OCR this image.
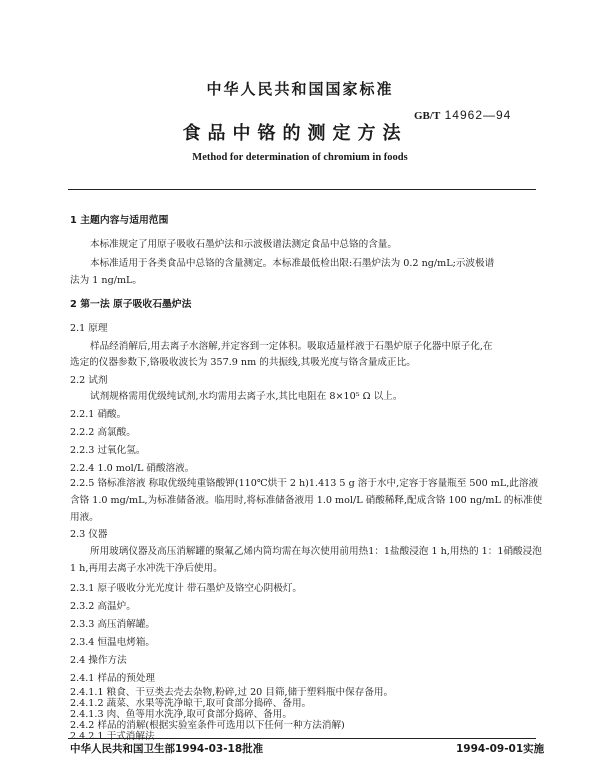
中华人民共和国国家标准
GB/T 14962—94
食品中铬的测定方法
Method for determination of chromium in foods
1 主题内容与适用范围
本标准规定了用原子吸收石墨炉法和示波极谱法测定食品中总铬的含量。
本标准适用于各类食品中总铬的含量测定。本标准最低检出限:石墨炉法为 0.2 ng/mL;示波极谱
法为 1 ng/mL。
2 第一法 原子吸收石墨炉法
2.1 原理
样品经消解后,用去离子水溶解,并定容到一定体积。吸取适量样液于石墨炉原子化器中原子化,在
选定的仪器参数下,铬吸收波长为 357.9 nm 的共振线,其吸光度与铬含量成正比。
2.2 试剂
试剂规格需用优级纯试剂,水均需用去离子水,其比电阻在 8×10⁵ Ω 以上。
2.2.1 硝酸。
2.2.2 高氯酸。
2.2.3 过氧化氢。
2.2.4 1.0 mol/L 硝酸溶液。
2.2.5 铬标准溶液 称取优级纯重铬酸钾(110℃烘干 2 h)1.413 5 g 溶于水中,定容于容量瓶至 500 mL,此溶液含铬 1.0 mg/mL,为标准储备液。临用时,将标准储备液用 1.0 mol/L 硝酸稀释,配成含铬 100 ng/mL 的标准使用液。
2.3 仪器
所用玻璃仪器及高压消解罐的聚氟乙烯内筒均需在每次使用前用热1：1盐酸浸泡 1 h,用热的 1：1硝酸浸泡 1 h,再用去离子水冲洗干净后使用。
2.3.1 原子吸收分光光度计 带石墨炉及铬空心阴极灯。
2.3.2 高温炉。
2.3.3 高压消解罐。
2.3.4 恒温电烤箱。
2.4 操作方法
2.4.1 样品的预处理
2.4.1.1 粮食、干豆类去壳去杂物,粉碎,过 20 目筛,储于塑料瓶中保存备用。
2.4.1.2 蔬菜、水果等洗净晾干,取可食部分捣碎、备用。
2.4.1.3 肉、鱼等用水洗净,取可食部分捣碎、备用。
2.4.2 样品的消解(根据实验室条件可选用以下任何一种方法消解)
2.4.2.1 干式消解法
中华人民共和国卫生部1994-03-18批准	1994-09-01实施
